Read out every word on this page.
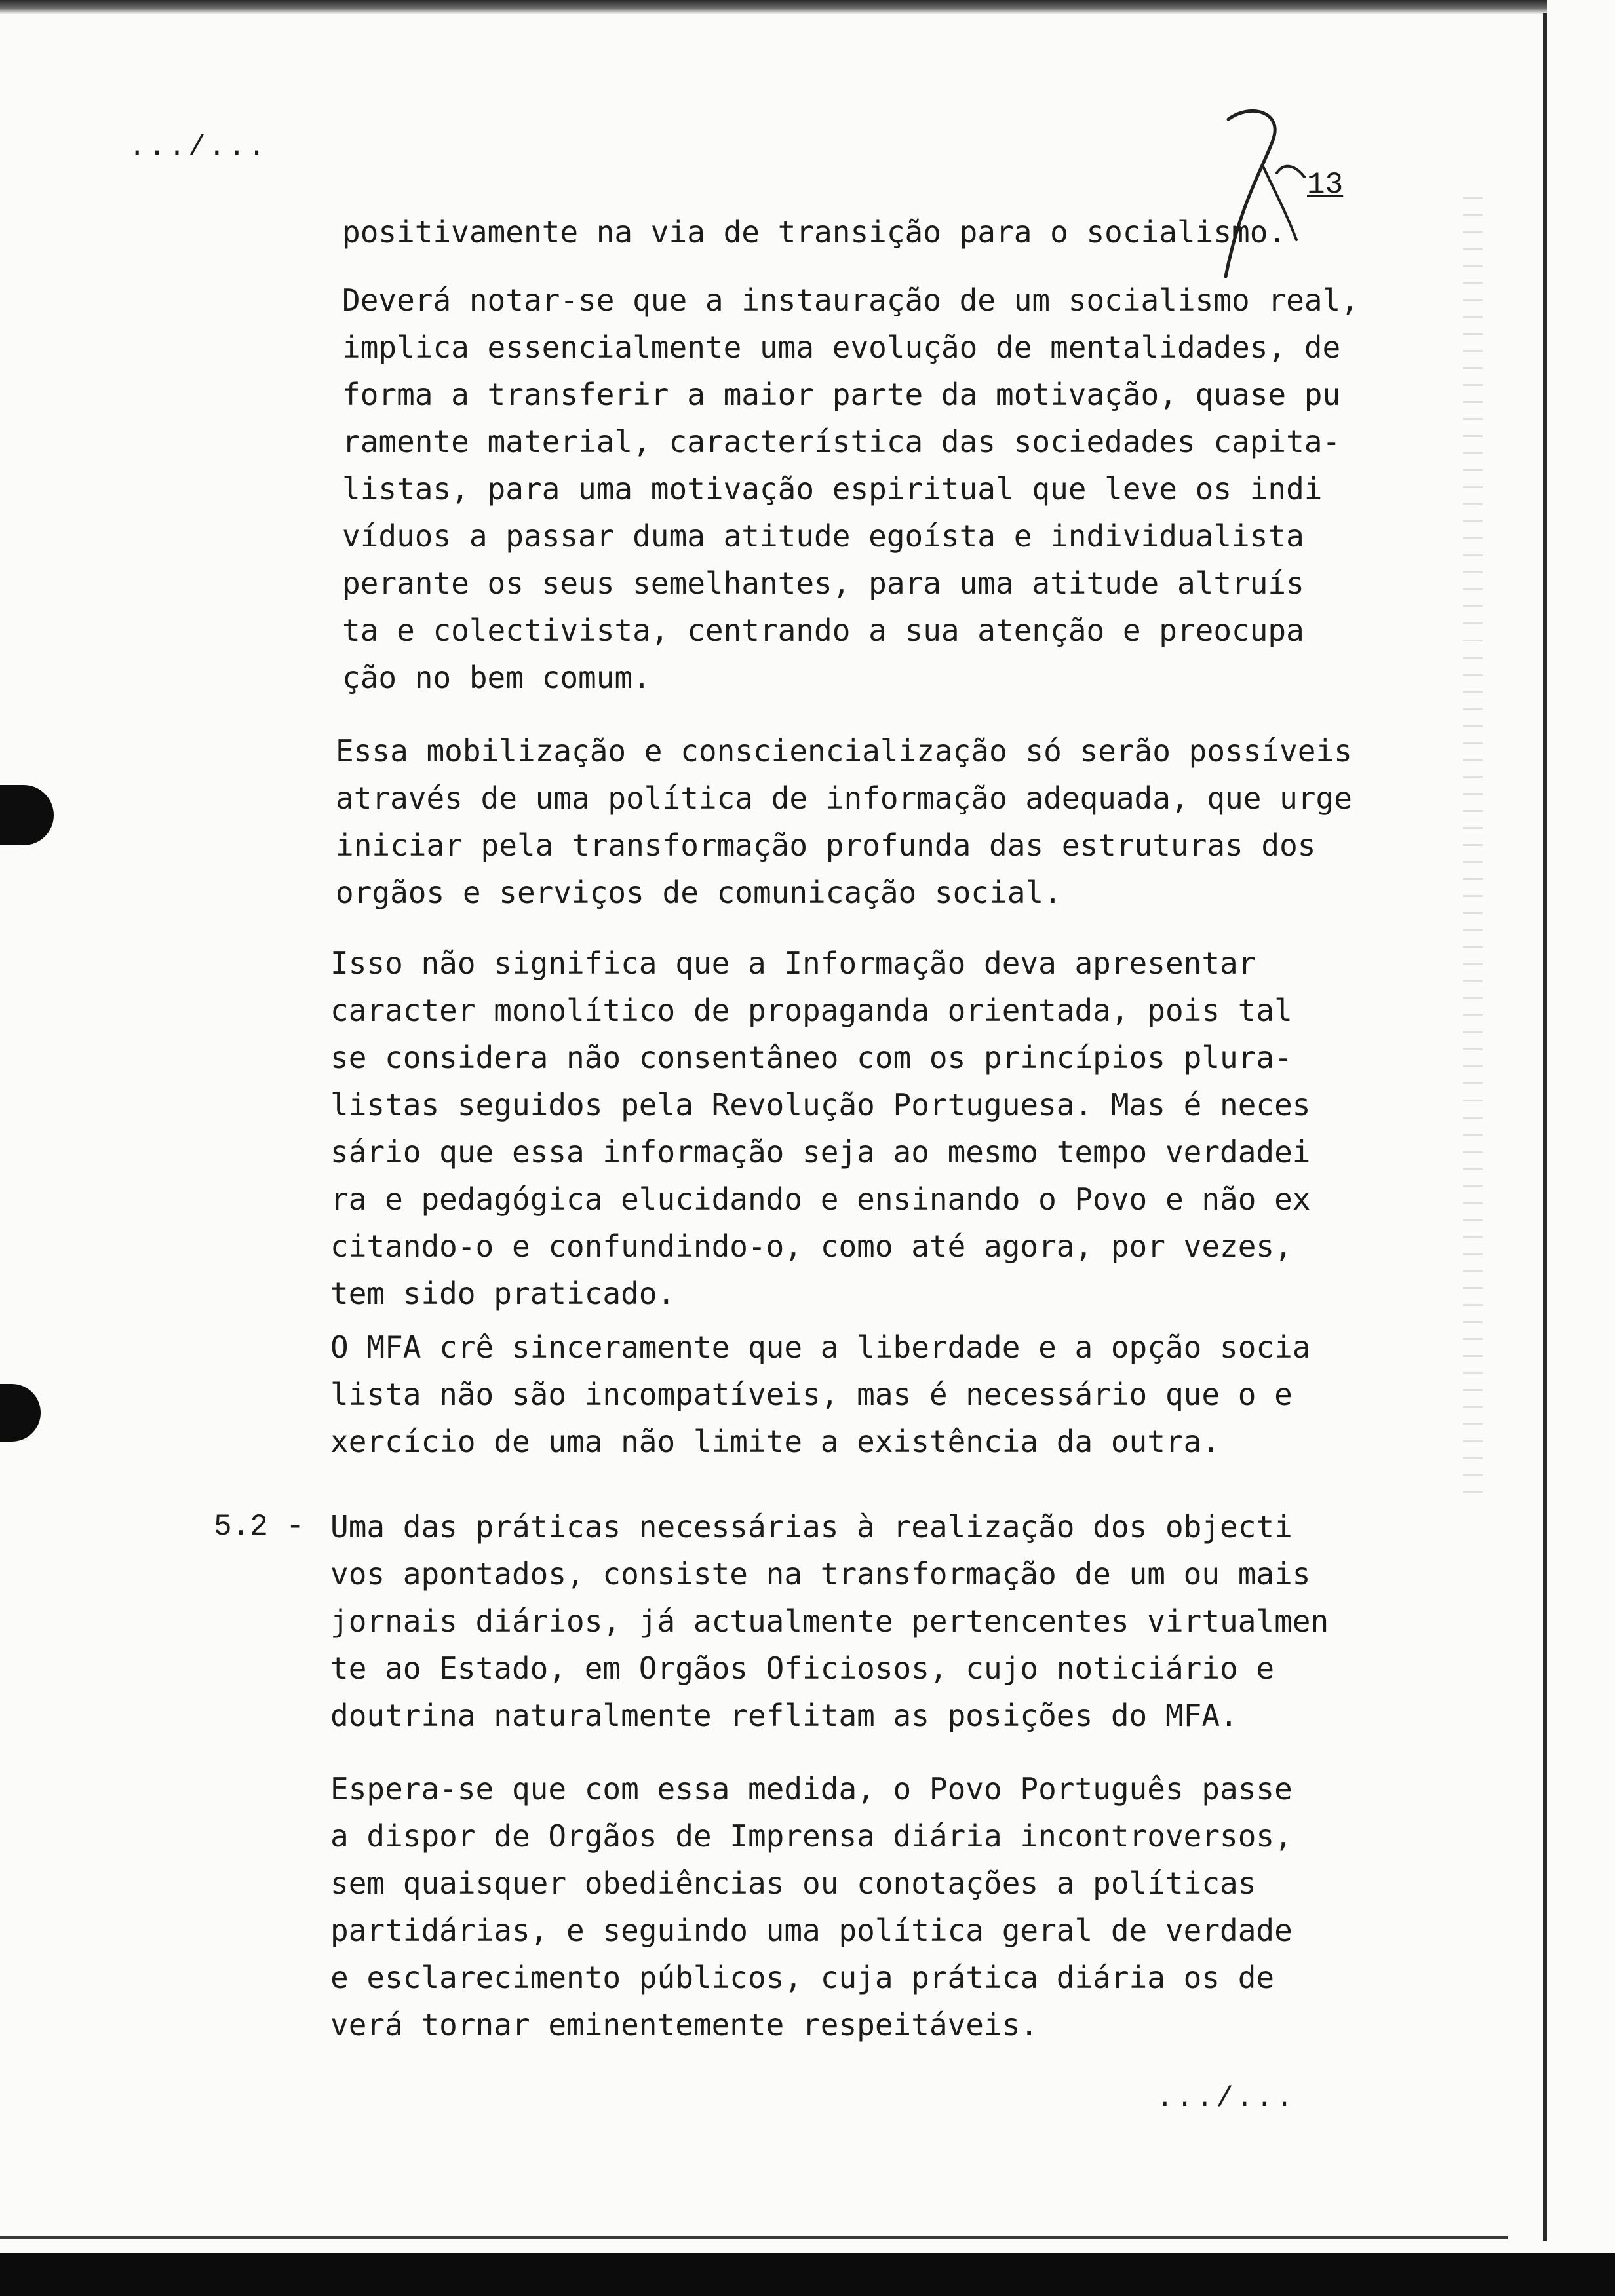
.../...
13
positivamente na via de transição para o socialismo.
Deverá notar-se que a instauração de um socialismo real,
implica essencialmente uma evolução de mentalidades, de
forma a transferir a maior parte da motivação, quase pu
ramente material, característica das sociedades capita-
listas, para uma motivação espiritual que leve os indi
víduos a passar duma atitude egoísta e individualista
perante os seus semelhantes, para uma atitude altruís
ta e colectivista, centrando a sua atenção e preocupa
ção no bem comum.
Essa mobilização e consciencialização só serão possíveis
através de uma política de informação adequada, que urge
iniciar pela transformação profunda das estruturas dos
orgãos e serviços de comunicação social.
Isso não significa que a Informação deva apresentar
caracter monolítico de propaganda orientada, pois tal
se considera não consentâneo com os princípios plura-
listas seguidos pela Revolução Portuguesa. Mas é neces
sário que essa informação seja ao mesmo tempo verdadei
ra e pedagógica elucidando e ensinando o Povo e não ex
citando-o e confundindo-o, como até agora, por vezes,
tem sido praticado.
O MFA crê sinceramente que a liberdade e a opção socia
lista não são incompatíveis, mas é necessário que o e
xercício de uma não limite a existência da outra.
5.2 - Uma das práticas necessárias à realização dos objecti
vos apontados, consiste na transformação de um ou mais
jornais diários, já actualmente pertencentes virtualmen
te ao Estado, em Orgãos Oficiosos, cujo noticiário e
doutrina naturalmente reflitam as posições do MFA.
Espera-se que com essa medida, o Povo Português passe
a dispor de Orgãos de Imprensa diária incontroversos,
sem quaisquer obediências ou conotações a políticas
partidárias, e seguindo uma política geral de verdade
e esclarecimento públicos, cuja prática diária os de
verá tornar eminentemente respeitáveis.
.../...
